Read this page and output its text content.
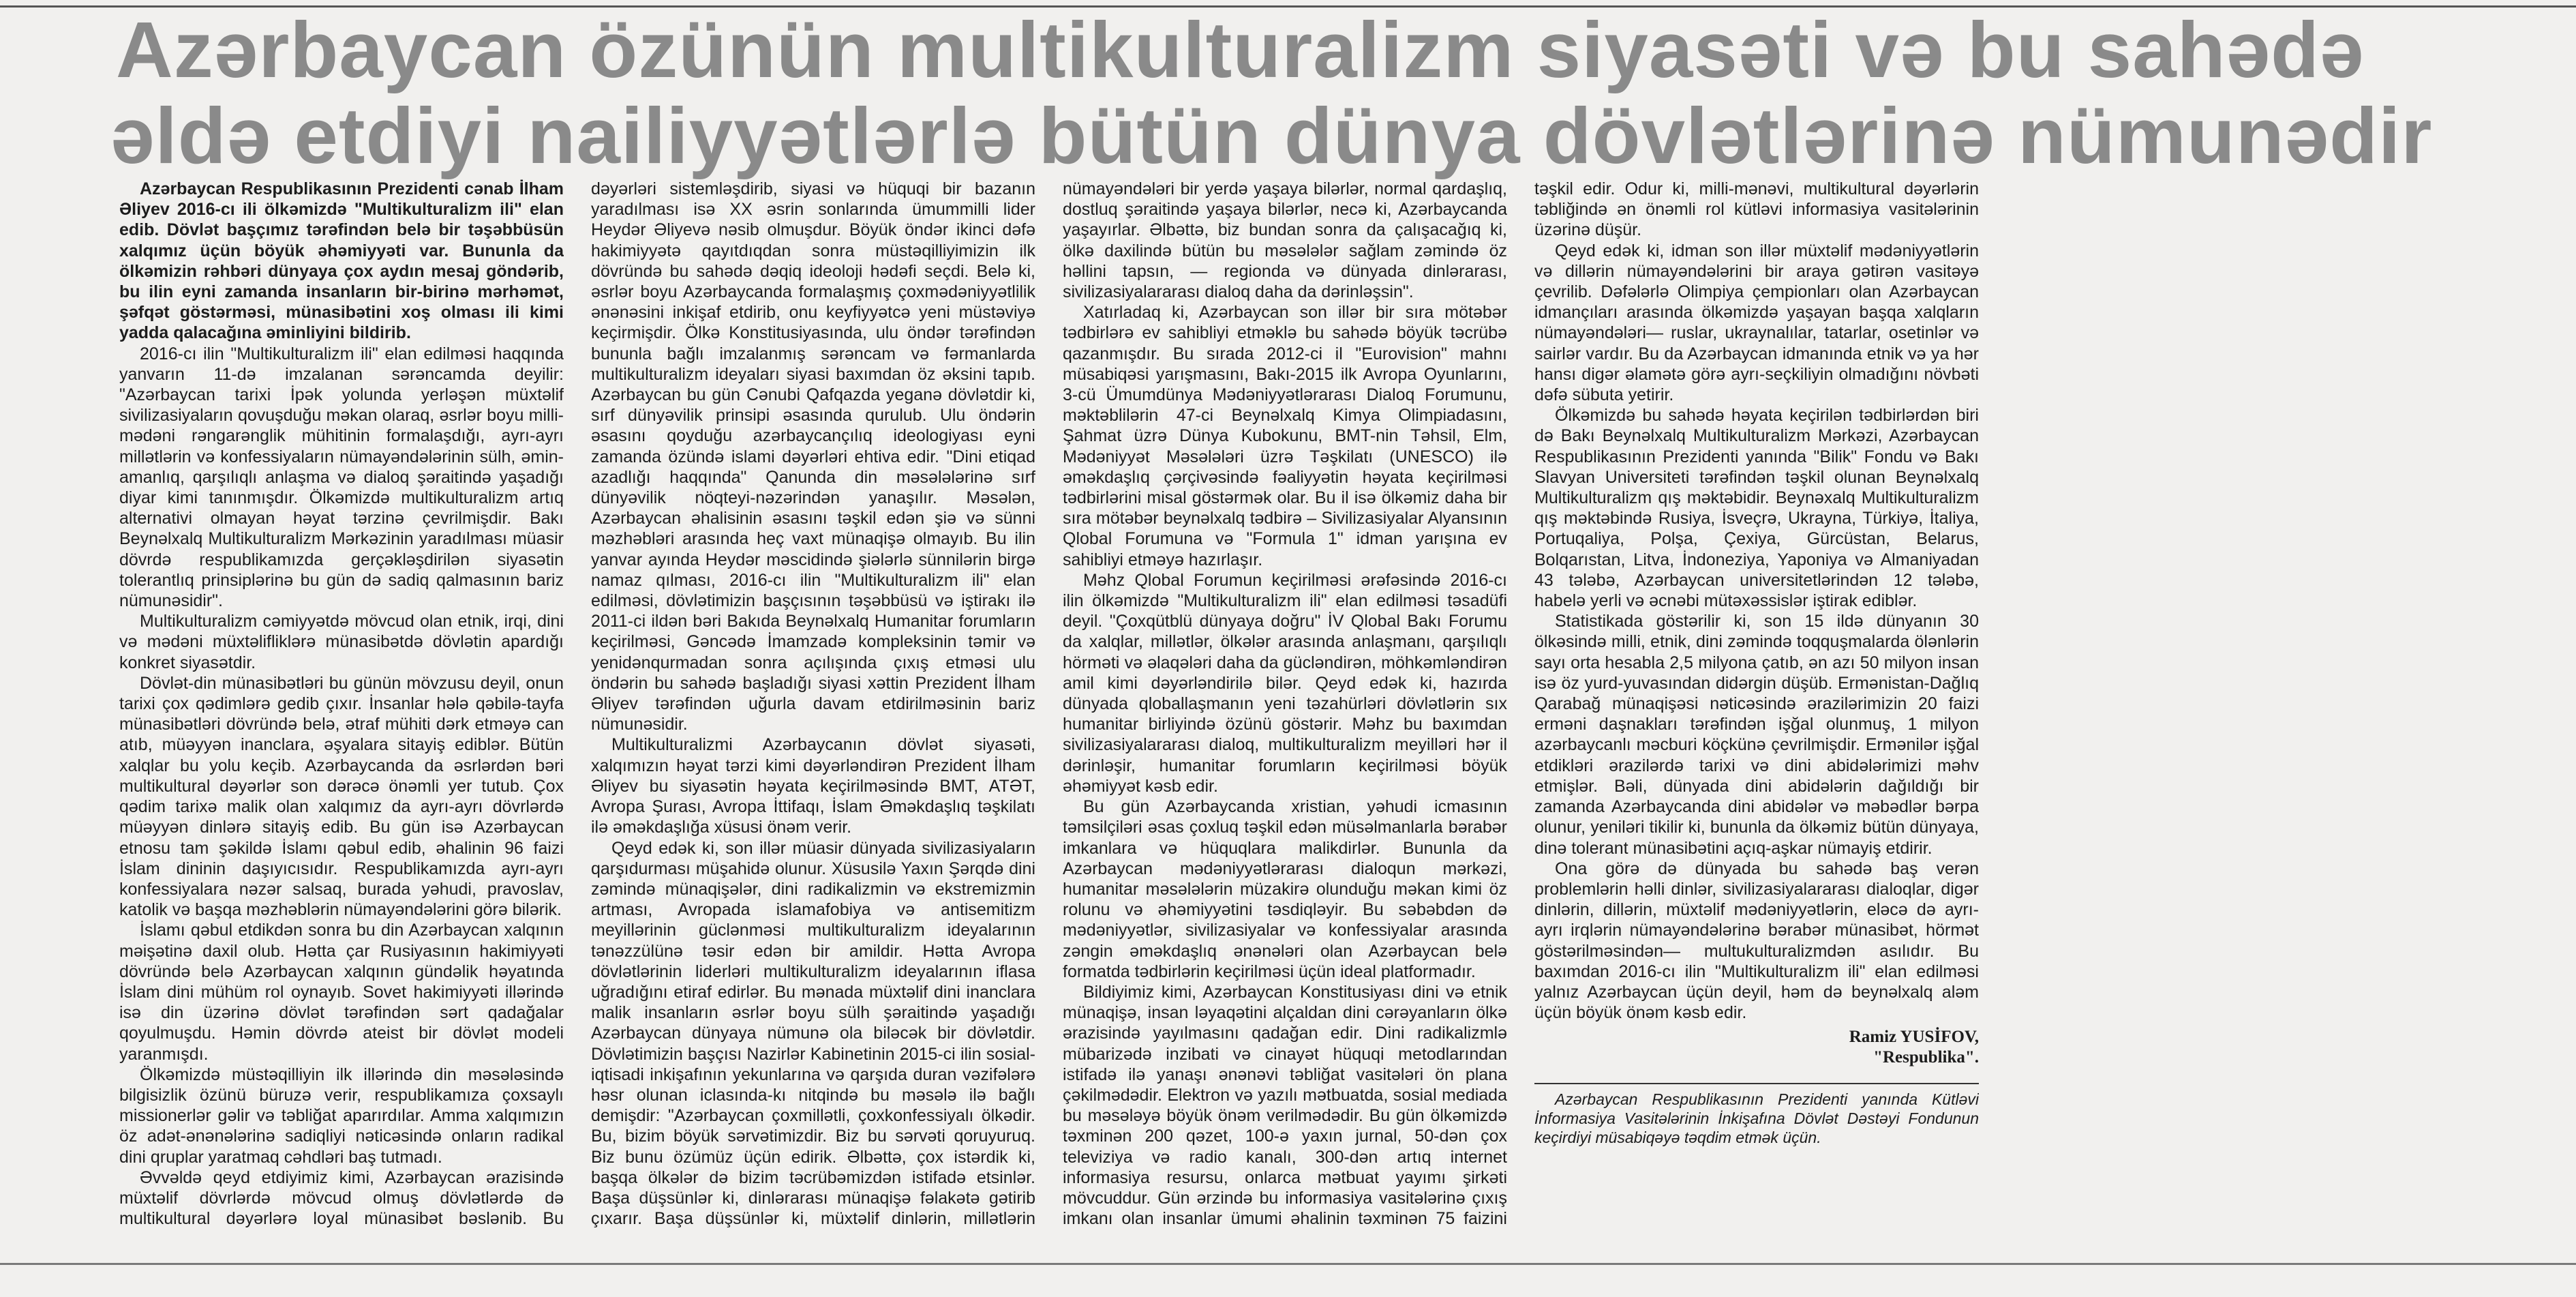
Azərbaycan özünün multikulturalizm siyasəti və bu sahədə
əldə etdiyi nailiyyətlərlə bütün dünya dövlətlərinə nümunədir

Azərbaycan Respublikasının Prezidenti cənab İlham Əliyev 2016-cı ili ölkəmizdə "Multikulturalizm ili" elan edib. Dövlət başçımız tərəfindən belə bir təşəbbüsün xalqımız üçün böyük əhəmiyyəti var. Bununla da ölkəmizin rəhbəri dünyaya çox aydın mesaj göndərib, bu ilin eyni zamanda insanların bir-birinə mərhəmət, şəfqət göstərməsi, münasibətini xoş olması ili kimi yadda qalacağına əminliyini bildirib.

2016-cı ilin "Multikulturalizm ili" elan edilməsi haqqında yanvarın 11-də imzalanan sərəncamda deyilir: "Azərbaycan tarixi İpək yolunda yerləşən müxtəlif sivilizasiyaların qovuşduğu məkan olaraq, əsrlər boyu milli-mədəni rəngarənglik mühitinin formalaşdığı, ayrı-ayrı millətlərin və konfessiyaların nümayəndələrinin sülh, əmin-amanlıq, qarşılıqlı anlaşma və dialoq şəraitində yaşadığı diyar kimi tanınmışdır. Ölkəmizdə multikulturalizm artıq alternativi olmayan həyat tərzinə çevrilmişdir. Bakı Beynəlxalq Multikulturalizm Mərkəzinin yaradılması müasir dövrdə respublikamızda gerçəkləşdirilən siyasətin tolerantlıq prinsiplərinə bu gün də sadiq qalmasının bariz nümunəsidir".

Multikulturalizm cəmiyyətdə mövcud olan etnik, irqi, dini və mədəni müxtəlifliklərə münasibətdə dövlətin apardığı konkret siyasətdir.

Dövlət-din münasibətləri bu günün mövzusu deyil, onun tarixi çox qədimlərə gedib çıxır. İnsanlar hələ qəbilə-tayfa münasibətləri dövründə belə, ətraf mühiti dərk etməyə can atıb, müəyyən inanclara, əşyalara sitayiş ediblər. Bütün xalqlar bu yolu keçib. Azərbaycanda da əsrlərdən bəri multikultural dəyərlər son dərəcə önəmli yer tutub. Çox qədim tarixə malik olan xalqımız da ayrı-ayrı dövrlərdə müəyyən dinlərə sitayiş edib. Bu gün isə Azərbaycan etnosu tam şəkildə İslamı qəbul edib, əhalinin 96 faizi İslam dininin daşıyıcısıdır. Respublikamızda ayrı-ayrı konfessiyalara nəzər salsaq, burada yəhudi, pravoslav, katolik və başqa məzhəblərin nümayəndələrini görə bilərik.

İslamı qəbul etdikdən sonra bu din Azərbaycan xalqının məişətinə daxil olub. Hətta çar Rusiyasının hakimiyyəti dövründə belə Azərbaycan xalqının gündəlik həyatında İslam dini mühüm rol oynayıb. Sovet hakimiyyəti illərində isə din üzərinə dövlət tərəfindən sərt qadağalar qoyulmuşdu. Həmin dövrdə ateist bir dövlət modeli yaranmışdı.

Ölkəmizdə müstəqilliyin ilk illərində din məsələsində bilgisizlik özünü büruzə verir, respublikamıza çoxsaylı missionerlər gəlir və təbliğat aparırdılar. Amma xalqımızın öz adət-ənənələrinə sadiqliyi nəticəsində onların radikal dini qruplar yaratmaq cəhdləri baş tutmadı.

Əvvəldə qeyd etdiyimiz kimi, Azərbaycan ərazisində müxtəlif dövrlərdə mövcud olmuş dövlətlərdə də multikultural dəyərlərə loyal münasibət bəslənib. Bu

dəyərləri sistemləşdirib, siyasi və hüquqi bir bazanın yaradılması isə XX əsrin sonlarında ümummilli lider Heydər Əliyevə nəsib olmuşdur. Böyük öndər ikinci dəfə hakimiyyətə qayıtdıqdan sonra müstəqilliyimizin ilk dövründə bu sahədə dəqiq ideoloji hədəfi seçdi. Belə ki, əsrlər boyu Azərbaycanda formalaşmış çoxmədəniyyətlilik ənənəsini inkişaf etdirib, onu keyfiyyətcə yeni müstəviyə keçirmişdir. Ölkə Konstitusiyasında, ulu öndər tərəfindən bununla bağlı imzalanmış sərəncam və fərmanlarda multikulturalizm ideyaları siyasi baxımdan öz əksini tapıb. Azərbaycan bu gün Cənubi Qafqazda yeganə dövlətdir ki, sırf dünyəvilik prinsipi əsasında qurulub. Ulu öndərin əsasını qoyduğu azərbaycançılıq ideologiyası eyni zamanda özündə islami dəyərləri ehtiva edir. "Dini etiqad azadlığı haqqında" Qanunda din məsələlərinə sırf dünyəvilik nöqteyi-nəzərindən yanaşılır. Məsələn, Azərbaycan əhalisinin əsasını təşkil edən şiə və sünni məzhəbləri arasında heç vaxt münaqişə olmayıb. Bu ilin yanvar ayında Heydər məscidində şiələrlə sünnilərin birgə namaz qılması, 2016-cı ilin "Multikulturalizm ili" elan edilməsi, dövlətimizin başçısının təşəbbüsü və iştirakı ilə 2011-ci ildən bəri Bakıda Beynəlxalq Humanitar forumların keçirilməsi, Gəncədə İmamzadə kompleksinin təmir və yenidənqurmadan sonra açılışında çıxış etməsi ulu öndərin bu sahədə başladığı siyasi xəttin Prezident İlham Əliyev tərəfindən uğurla davam etdirilməsinin bariz nümunəsidir.

Multikulturalizmi Azərbaycanın dövlət siyasəti, xalqımızın həyat tərzi kimi dəyərləndirən Prezident İlham Əliyev bu siyasətin həyata keçirilməsində BMT, ATƏT, Avropa Şurası, Avropa İttifaqı, İslam Əməkdaşlıq təşkilatı ilə əməkdaşlığa xüsusi önəm verir.

Qeyd edək ki, son illər müasir dünyada sivilizasiyaların qarşıdurması müşahidə olunur. Xüsusilə Yaxın Şərqdə dini zəmində münaqişələr, dini radikalizmin və ekstremizmin artması, Avropada islamafobiya və antisemitizm meyillərinin güclənməsi multikulturalizm ideyalarının tənəzzülünə təsir edən bir amildir. Hətta Avropa dövlətlərinin liderləri multikulturalizm ideyalarının iflasa uğradığını etiraf edirlər. Bu mənada müxtəlif dini inanclara malik insanların əsrlər boyu sülh şəraitində yaşadığı Azərbaycan dünyaya nümunə ola biləcək bir dövlətdir. Dövlətimizin başçısı Nazirlər Kabinetinin 2015-ci ilin sosial-iqtisadi inkişafının yekunlarına və qarşıda duran vəzifələrə həsr olunan iclasında-kı nitqində bu məsələ ilə bağlı demişdir: "Azərbaycan çoxmillətli, çoxkonfessiyalı ölkədir. Bu, bizim böyük sərvətimizdir. Biz bu sərvəti qoruyuruq. Biz bunu özümüz üçün edirik. Əlbəttə, çox istərdik ki, başqa ölkələr də bizim təcrübəmizdən istifadə etsinlər. Başa düşsünlər ki, dinlərarası münaqişə fəlakətə gətirib çıxarır. Başa düşsünlər ki, müxtəlif dinlərin, millətlərin

nümayəndələri bir yerdə yaşaya bilərlər, normal qardaşlıq, dostluq şəraitində yaşaya bilərlər, necə ki, Azərbaycanda yaşayırlar. Əlbəttə, biz bundan sonra da çalışacağıq ki, ölkə daxilində bütün bu məsələlər sağlam zəmində öz həllini tapsın, — regionda və dünyada dinlərarası, sivilizasiyalararası dialoq daha da dərinləşsin".

Xatırladaq ki, Azərbaycan son illər bir sıra mötəbər tədbirlərə ev sahibliyi etməklə bu sahədə böyük təcrübə qazanmışdır. Bu sırada 2012-ci il "Eurovision" mahnı müsabiqəsi yarışmasını, Bakı-2015 ilk Avropa Oyunlarını, 3-cü Ümumdünya Mədəniyyətlərarası Dialoq Forumunu, məktəblilərin 47-ci Beynəlxalq Kimya Olimpiadasını, Şahmat üzrə Dünya Kubokunu, BMT-nin Təhsil, Elm, Mədəniyyət Məsələləri üzrə Təşkilatı (UNESCO) ilə əməkdaşlıq çərçivəsində fəaliyyətin həyata keçirilməsi tədbirlərini misal göstərmək olar. Bu il isə ölkəmiz daha bir sıra mötəbər beynəlxalq tədbirə – Sivilizasiyalar Alyansının Qlobal Forumuna və "Formula 1" idman yarışına ev sahibliyi etməyə hazırlaşır.

Məhz Qlobal Forumun keçirilməsi ərəfəsində 2016-cı ilin ölkəmizdə "Multikulturalizm ili" elan edilməsi təsadüfi deyil. "Çoxqütblü dünyaya doğru" İV Qlobal Bakı Forumu da xalqlar, millətlər, ölkələr arasında anlaşmanı, qarşılıqlı hörməti və əlaqələri daha da gücləndirən, möhkəmləndirən amil kimi dəyərləndirilə bilər. Qeyd edək ki, hazırda dünyada qloballaşmanın yeni təzahürləri dövlətlərin sıx humanitar birliyində özünü göstərir. Məhz bu baxımdan sivilizasiyalararası dialoq, multikulturalizm meyilləri hər il dərinləşir, humanitar forumların keçirilməsi böyük əhəmiyyət kəsb edir.

Bu gün Azərbaycanda xristian, yəhudi icmasının təmsilçiləri əsas çoxluq təşkil edən müsəlmanlarla bərabər imkanlara və hüquqlara malikdirlər. Bununla da Azərbaycan mədəniyyətlərarası dialoqun mərkəzi, humanitar məsələlərin müzakirə olunduğu məkan kimi öz rolunu və əhəmiyyətini təsdiqləyir. Bu səbəbdən də mədəniyyətlər, sivilizasiyalar və konfessiyalar arasında zəngin əməkdaşlıq ənənələri olan Azərbaycan belə formatda tədbirlərin keçirilməsi üçün ideal platformadır.

Bildiyimiz kimi, Azərbaycan Konstitusiyası dini və etnik münaqişə, insan ləyaqətini alçaldan dini cərəyanların ölkə ərazisində yayılmasını qadağan edir. Dini radikalizmlə mübarizədə inzibati və cinayət hüquqi metodlarından istifadə ilə yanaşı ənənəvi təbliğat vasitələri ön plana çəkilmədədir. Elektron və yazılı mətbuatda, sosial mediada bu məsələyə böyük önəm verilmədədir. Bu gün ölkəmizdə təxminən 200 qəzet, 100-ə yaxın jurnal, 50-dən çox televiziya və radio kanalı, 300-dən artıq internet informasiya resursu, onlarca mətbuat yayımı şirkəti mövcuddur. Gün ərzində bu informasiya vasitələrinə çıxış imkanı olan insanlar ümumi əhalinin təxminən 75 faizini

təşkil edir. Odur ki, milli-mənəvi, multikultural dəyərlərin təbliğində ən önəmli rol kütləvi informasiya vasitələrinin üzərinə düşür.

Qeyd edək ki, idman son illər müxtəlif mədəniyyətlərin və dillərin nümayəndələrini bir araya gətirən vasitəyə çevrilib. Dəfələrlə Olimpiya çempionları olan Azərbaycan idmançıları arasında ölkəmizdə yaşayan başqa xalqların nümayəndələri— ruslar, ukraynalılar, tatarlar, osetinlər və sairlər vardır. Bu da Azərbaycan idmanında etnik və ya hər hansı digər əlamətə görə ayrı-seçkiliyin olmadığını növbəti dəfə sübuta yetirir.

Ölkəmizdə bu sahədə həyata keçirilən tədbirlərdən biri də Bakı Beynəlxalq Multikulturalizm Mərkəzi, Azərbaycan Respublikasının Prezidenti yanında "Bilik" Fondu və Bakı Slavyan Universiteti tərəfindən təşkil olunan Beynəlxalq Multikulturalizm qış məktəbidir. Beynəxalq Multikulturalizm qış məktəbində Rusiya, İsveçrə, Ukrayna, Türkiyə, İtaliya, Portuqaliya, Polşa, Çexiya, Gürcüstan, Belarus, Bolqarıstan, Litva, İndoneziya, Yaponiya və Almaniyadan 43 tələbə, Azərbaycan universitetlərindən 12 tələbə, habelə yerli və əcnəbi mütəxəssislər iştirak ediblər.

Statistikada göstərilir ki, son 15 ildə dünyanın 30 ölkəsində milli, etnik, dini zəmində toqquşmalarda ölənlərin sayı orta hesabla 2,5 milyona çatıb, ən azı 50 milyon insan isə öz yurd-yuvasından didərgin düşüb. Ermənistan-Dağlıq Qarabağ münaqişəsi nəticəsində ərazilərimizin 20 faizi erməni daşnakları tərəfindən işğal olunmuş, 1 milyon azərbaycanlı məcburi köçkünə çevrilmişdir. Ermənilər işğal etdikləri ərazilərdə tarixi və dini abidələrimizi məhv etmişlər. Bəli, dünyada dini abidələrin dağıldığı bir zamanda Azərbaycanda dini abidələr və məbədlər bərpa olunur, yeniləri tikilir ki, bununla da ölkəmiz bütün dünyaya, dinə tolerant münasibətini açıq-aşkar nümayiş etdirir.

Ona görə də dünyada bu sahədə baş verən problemlərin həlli dinlər, sivilizasiyalararası dialoqlar, digər dinlərin, dillərin, müxtəlif mədəniyyətlərin, eləcə də ayrı-ayrı irqlərin nümayəndələrinə bərabər münasibət, hörmət göstərilməsindən— multukulturalizmdən asılıdır. Bu baxımdan 2016-cı ilin "Multikulturalizm ili" elan edilməsi yalnız Azərbaycan üçün deyil, həm də beynəlxalq aləm üçün böyük önəm kəsb edir.

Ramiz YUSİFOV,
"Respublika".

Azərbaycan Respublikasının Prezidenti yanında Kütləvi İnformasiya Vasitələrinin İnkişafına Dövlət Dəstəyi Fondunun keçirdiyi müsabiqəyə təqdim etmək üçün.
